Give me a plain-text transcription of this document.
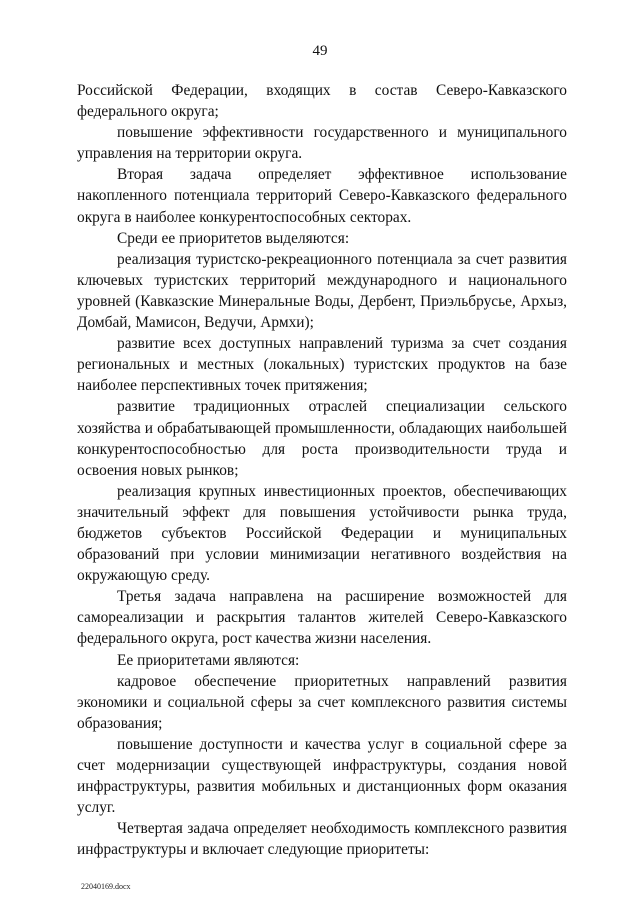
49

Российской Федерации, входящих в состав Северо-Кавказского федерального округа;

повышение эффективности государственного и муниципального управления на территории округа.

Вторая задача определяет эффективное использование накопленного потенциала территорий Северо-Кавказского федерального округа в наиболее конкурентоспособных секторах.

Среди ее приоритетов выделяются:

реализация туристско-рекреационного потенциала за счет развития ключевых туристских территорий международного и национального уровней (Кавказские Минеральные Воды, Дербент, Приэльбрусье, Архыз, Домбай, Мамисон, Ведучи, Армхи);

развитие всех доступных направлений туризма за счет создания региональных и местных (локальных) туристских продуктов на базе наиболее перспективных точек притяжения;

развитие традиционных отраслей специализации сельского хозяйства и обрабатывающей промышленности, обладающих наибольшей конкурентоспособностью для роста производительности труда и освоения новых рынков;

реализация крупных инвестиционных проектов, обеспечивающих значительный эффект для повышения устойчивости рынка труда, бюджетов субъектов Российской Федерации и муниципальных образований при условии минимизации негативного воздействия на окружающую среду.

Третья задача направлена на расширение возможностей для самореализации и раскрытия талантов жителей Северо-Кавказского федерального округа, рост качества жизни населения.

Ее приоритетами являются:

кадровое обеспечение приоритетных направлений развития экономики и социальной сферы за счет комплексного развития системы образования;

повышение доступности и качества услуг в социальной сфере за счет модернизации существующей инфраструктуры, создания новой инфраструктуры, развития мобильных и дистанционных форм оказания услуг.

Четвертая задача определяет необходимость комплексного развития инфраструктуры и включает следующие приоритеты:

22040169.docx
